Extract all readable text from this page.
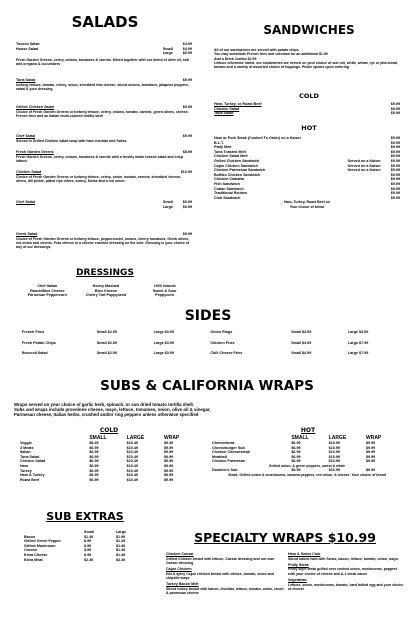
SALADS
Tossed Salad	$4.99
House Salad	Small	$4.99
Large	$6.99
Fresh Garden Greens, celery, onions, tomatoes & carrots. Mixed together with our blend of olive oil, salt and oregano & cucumbers
Tuna Salad	$9.99
Iceberg lettuce, tomato, celery, onion, shredded feta cheese, sliced onions, tomatoes, jalapeno peppers, salad & your dressing
Grilled Chicken Salad	$9.99
Choice of Fresh Garden Greens or Iceberg lettuce, celery, onions, tomato, carrots, green olives, cheese. French fries and an Italian multi-colored tortilla shell
Chef Salad	$9.99
Served in Grilled Chicken salad wrap with ham cheddar and Swiss.
Fresh Garden Greens	$8.99
Fresh Garden Greens, celery, onions, tomatoes & carrots with a freshly made tossed salad and crisp lettuce
Chicken Salad	$10.99
Choice of Fresh Garden Greens or Iceberg lettuce, celery, onion, tomato, carrots, shredded cheese, olives, dill pickle, pitted ripe olives, turkey, Swiss and a red onion
Chef Salad	Small	$6.99
Large	$9.99
Greek Salad	$9.99
Choice of Fresh Garden Greens or Iceberg lettuce, pepperoncini, onions, cherry tomatoes, Greek olives, red onion and cheese. Feta cheese in a cheese crumble dressing on the side. Dressing is your choice of any of our dressings
DRESSINGS
Chef Italian	Honey Mustard	1000 Islands
Ranch/Blue Cheese	Bleu Cheese	Sweet & Sour
Parmesan Peppercorn	Cherry Tart Poppyseed	Peppycorn
SANDWICHES
All of our sandwiches are served with potato chips.
You may substitute French fries and coleslaw for an additional $1.99
Add a Drink Combo $2.99
Lettuce otherwise noted, our sandwiches are served on your choice of sub roll, white, wheat, rye or pita bread, tomato and a variety of assorted choice of toppings. Pickle spears upon ordering
COLD
Ham, Turkey, or Roast Beef	$9.99
Chicken Salad	$9.99
Tuna Salad	$9.99
HOT
Ham or Pork Steak (Cooked To Order) on a Kaiser	$9.99
B.L.T.	$9.99
Patty Melt	$9.99
Tuna Toasted Melt	$9.99
Chicken Salad Melt	$9.99
Grilled Chicken Sandwich	Served on a Kaiser	$9.99
Cajun Chicken Sandwich	Served on a Kaiser	$9.99
Chicken Parmesan Sandwich	Served on a Kaiser	$9.99
Buffalo Chicken Sandwich	$9.99
Chicken Ciabatta	$9.99
Fish Sandwich	$9.99
Cuban Sandwich	$9.99
Traditional Reuben	$9.99
Club Sandwich	$9.99
Ham, Turkey, Roast Beef on
Your choice of bread
SIDES
French Fries	Small $2.99	Large $3.99	Onion Rings	Small $2.99	Large $3.99
Fresh Potato Chips	Small $2.99	Large $3.99	Chicken Fries	Small $4.99	Large $7.99
Broccoli Salad	Small $2.99	Large $3.99	Chili Cheese Fries	Small $4.99	Large $7.99
SUBS & CALIFORNIA WRAPS
Wraps served on your choice of garlic herb, spinach, or sun dried tomato tortilla shell.
Subs and wraps include provolone cheese, mayo, lettuce, tomatoes, onion, olive oil & vinegar,
Parmesan cheese, Italian herbs, crushed and/or ring peppers unless otherwise specified
COLD	HOT
SMALL	LARGE	WRAP
Veggie	$6.49	$10.49	$9.49
3 Meats	$6.99	$10.49	$9.99
Italian	$6.99	$10.49	$9.99
Tuna Salad	$6.99	$10.49	$9.99
Chicken Salad	$6.99	$10.49	$9.99
Ham	$6.99	$10.49	$9.99
Turkey	$6.99	$10.49	$9.99
Ham & Turkey	$6.99	$10.49	$9.99
Roast Beef	$6.99	$10.49	$9.99
SMALL	LARGE	WRAP
Cheesesteak	$6.99	$10.99	$9.99
Cheeseburger Sub	$6.99	$10.99	$9.99
Chicken Cheesesteak	$6.99	$10.99	$9.99
Meatball	$6.99	$10.99	$9.99
Chicken Parmesan	$6.99	$10.99	$9.99
Grilled onion, & green peppers, sweet & white
Dominic's Sub	$6.99	$10.99	$9.99
Steak, Grilled onion & mushrooms, banana peppers, red onion, & cheese. Your choice of bread
SUB EXTRAS
Small	Large
Bacon	$1.49	$1.99
Grilled Green Pepper	$.99	$1.49
Grilled Mushroom	$.99	$1.49
Cheese	$.99	$1.49
Extra Cheese	$.99	$1.49
Extra Meat	$2.49	$3.49
SPECIALTY WRAPS $10.99
Chicken Caesar
Grilled Chicken breast with lettuce, Caesar dressing and our own Caesar dressing
Cajun Chicken
Hot & spicy Cajun chicken breast with lettuce, tomato, onion and chipotle mayo
Turkey Bacon Melt
Sliced turkey breast with bacon, cheddar, lettuce, tomato, onion, ranch & parmesan cheese
Ham & Swiss Club
Sliced baked ham with Swiss, bacon, lettuce, tomato, onion, mayo
Philly Steak
Philly style steak grilled over cooked onion, mushrooms, peppers with your choice of cheese and A-1 steak sauce
Vegetarian
Lettuce, onion, mushrooms, tomato, hard boiled egg and your choice of cheese
